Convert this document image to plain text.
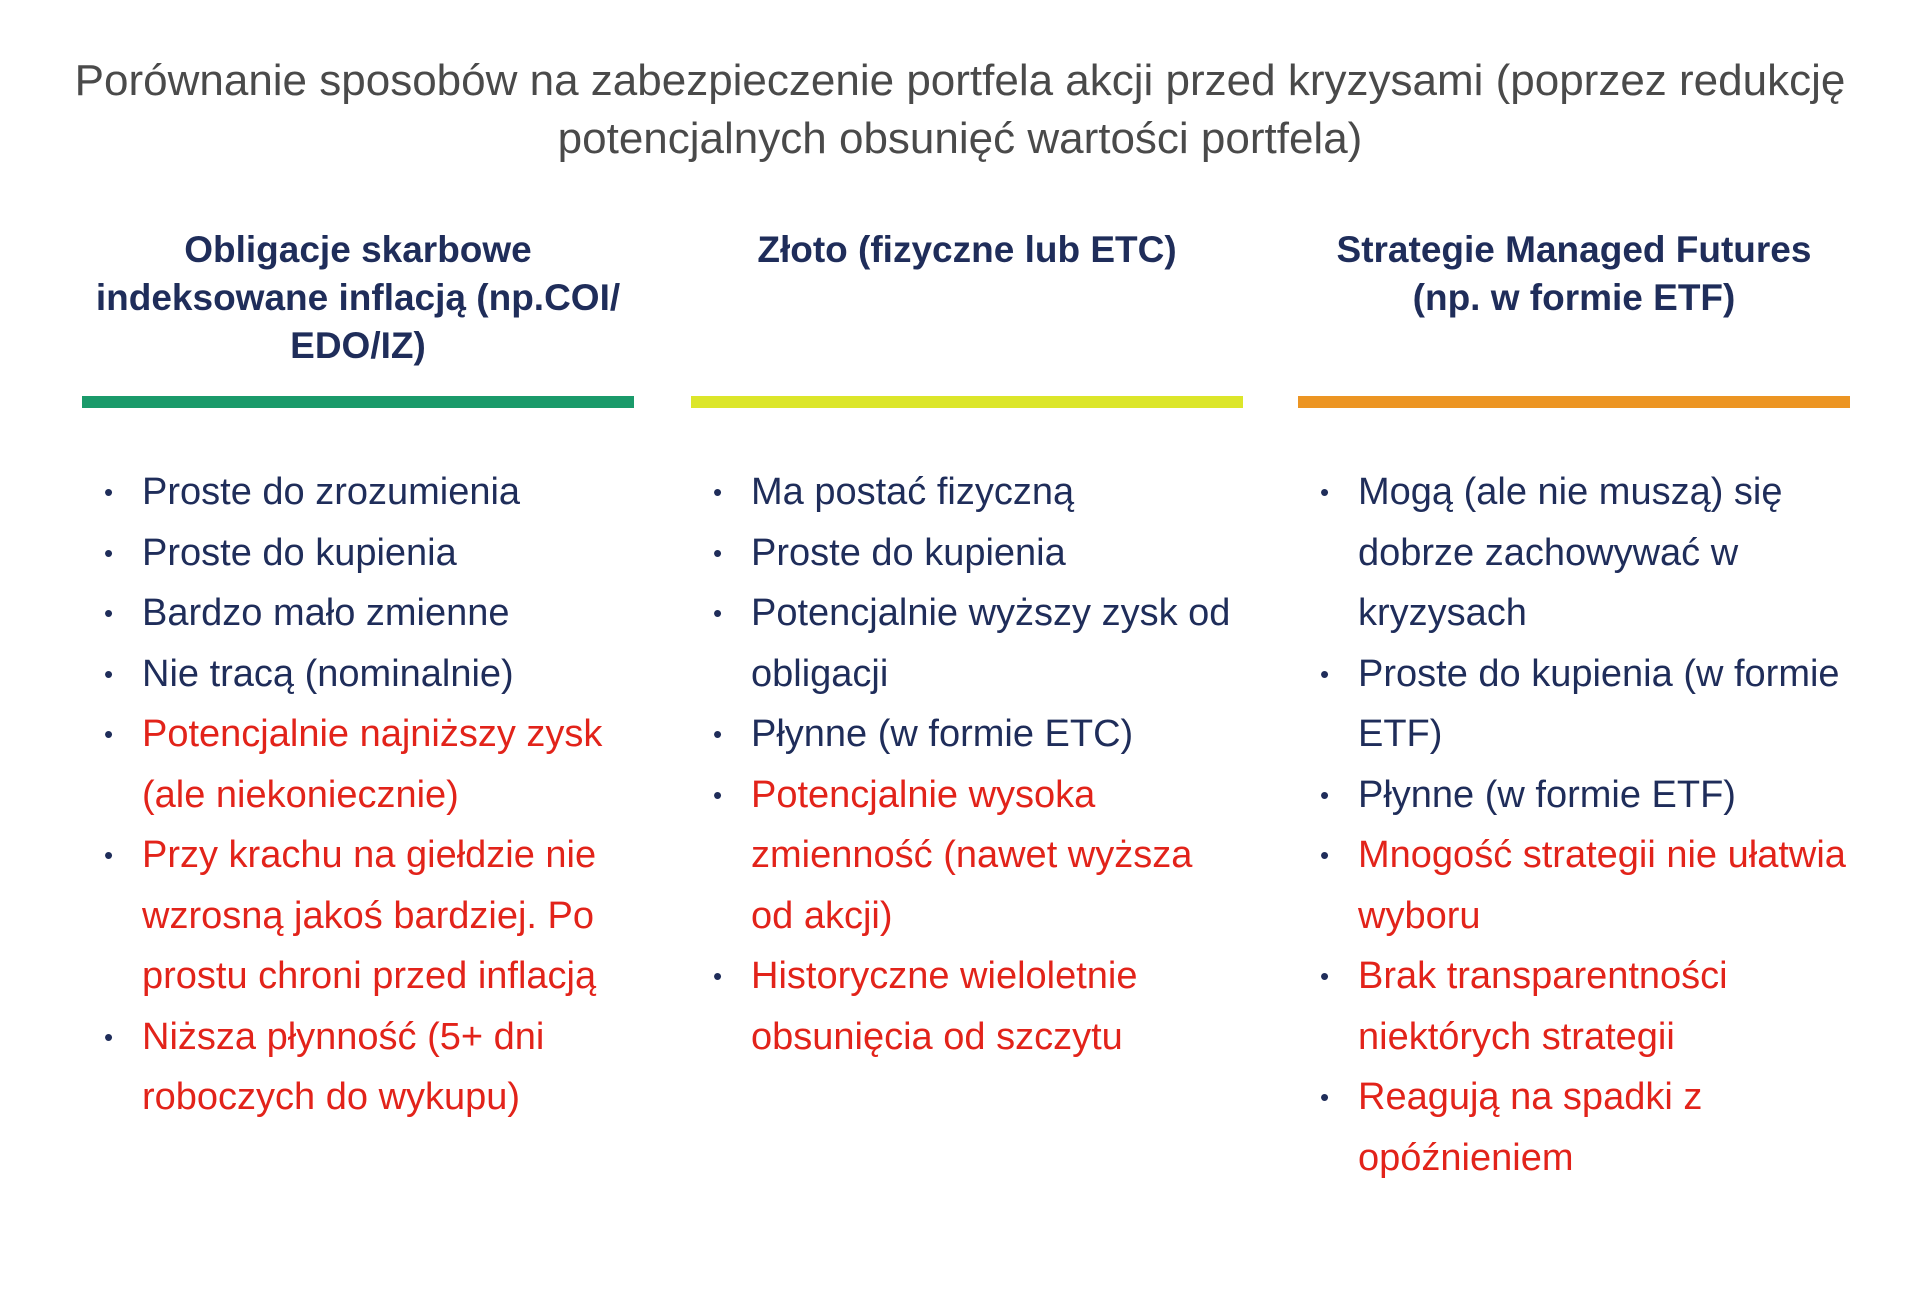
Porównanie sposobów na zabezpieczenie portfela akcji przed kryzysami (poprzez redukcję potencjalnych obsunięć wartości portfela)
Obligacje skarbowe indeksowane inflacją (np.COI/ EDO/IZ)
• Proste do zrozumienia
• Proste do kupienia
• Bardzo mało zmienne
• Nie tracą (nominalnie)
• Potencjalnie najniższy zysk (ale niekoniecznie)
• Przy krachu na giełdzie nie wzrosną jakoś bardziej. Po prostu chroni przed inflacją
• Niższa płynność (5+ dni roboczych do wykupu)
Złoto (fizyczne lub ETC)
• Ma postać fizyczną
• Proste do kupienia
• Potencjalnie wyższy zysk od obligacji
• Płynne (w formie ETC)
• Potencjalnie wysoka zmienność (nawet wyższa od akcji)
• Historyczne wieloletnie obsunięcia od szczytu
Strategie Managed Futures (np. w formie ETF)
• Mogą (ale nie muszą) się dobrze zachowywać w kryzysach
• Proste do kupienia (w formie ETF)
• Płynne (w formie ETF)
• Mnogość strategii nie ułatwia wyboru
• Brak transparentności niektórych strategii
• Reagują na spadki z opóźnieniem
